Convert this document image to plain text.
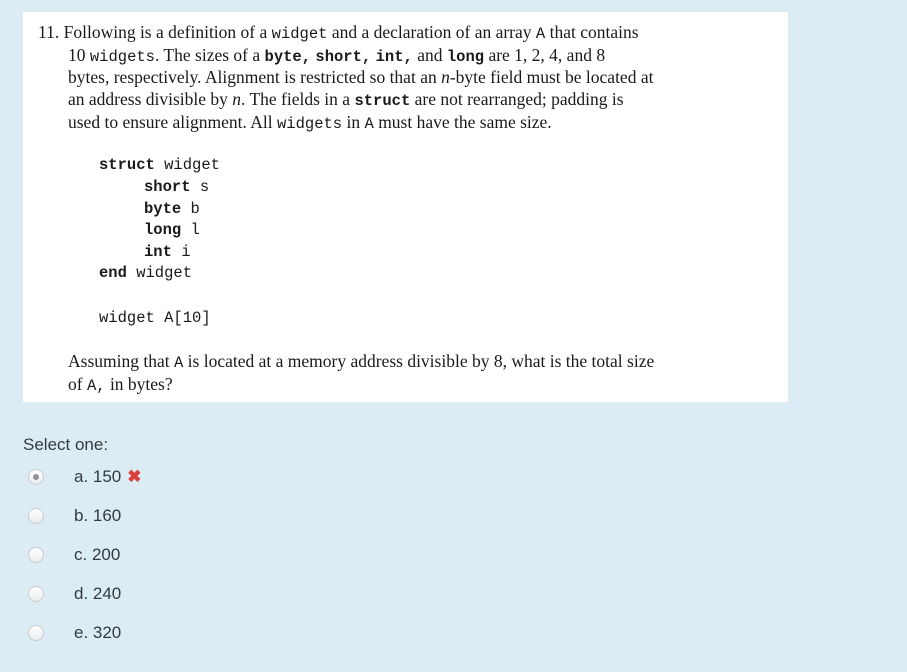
11. Following is a definition of a widget and a declaration of an array A that contains
10 widgets. The sizes of a byte, short, int, and long are 1, 2, 4, and 8
bytes, respectively. Alignment is restricted so that an n-byte field must be located at
an address divisible by n. The fields in a struct are not rearranged; padding is
used to ensure alignment. All widgets in A must have the same size.
struct widget
short s
byte b
long l
int i
end widget
widget A[10]
Assuming that A is located at a memory address divisible by 8, what is the total size
of A, in bytes?
Select one:
a. 150 ✖
b. 160
c. 200
d. 240
e. 320
